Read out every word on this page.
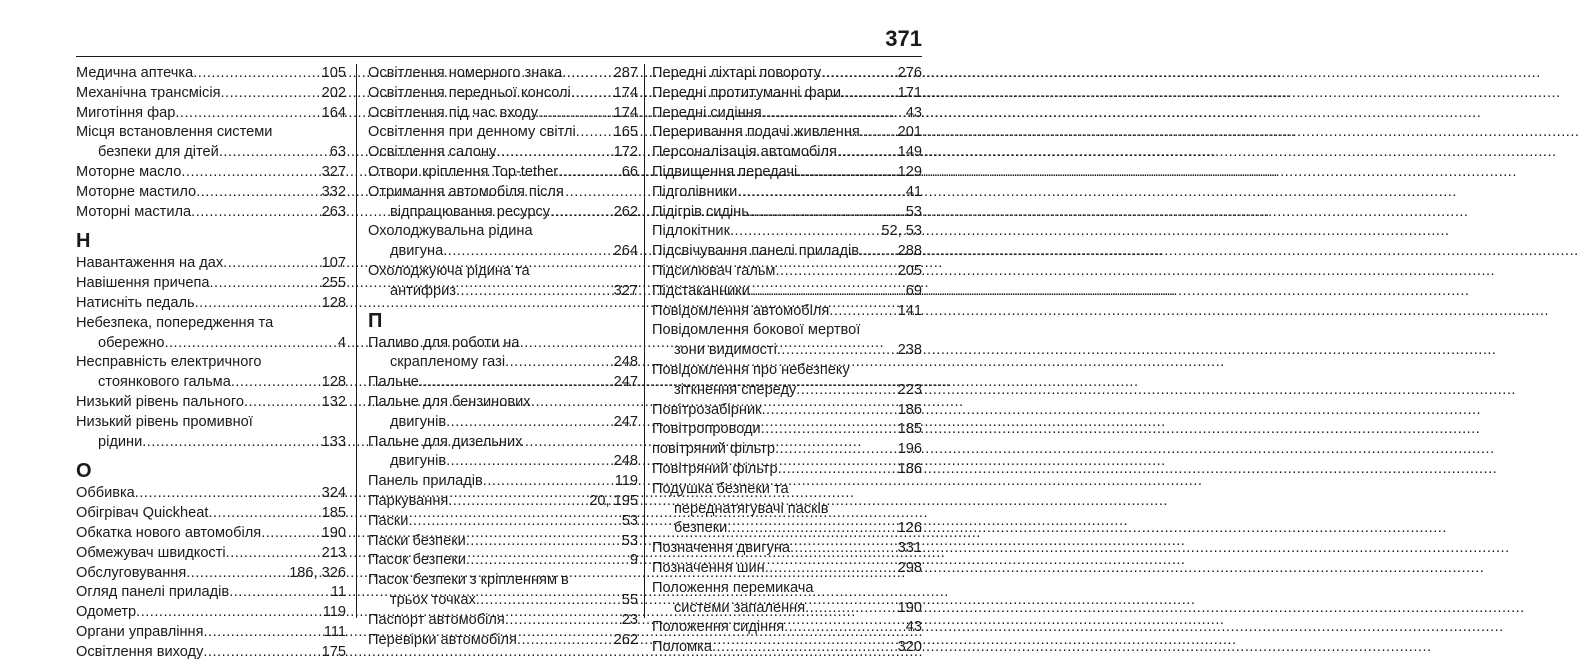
371
Медична аптечка .....	105
Механічна трансмісія .....	202
Миготіння фар .....	164
Місця встановлення системи
безпеки для дітей .....	63
Моторне масло .....	327
Моторне мастило .....	332
Моторні мастила .....	263
Н
Навантаження на дах .....	107
Навішення причепа .....	255
Натисніть педаль .....	128
Небезпека, попередження та
обережно .....	4
Несправність електричного
стоянкового гальма .....	128
Низький рівень пального .....	132
Низький рівень промивної
рідини .....	133
О
Оббивка .....	324
Обігрівач Quickheat .....	185
Обкатка нового автомобіля .....	190
Обмежувач швидкості .....	213
Обслуговування .....	186, 326
Огляд панелі приладів .....	11
Одометр .....	119
Органи управління .....	111
Освітлення виходу .....	175
Освітлення номерного знака .....	287
Освітлення передньої консолі .....	174
Освітлення під час входу .....	174
Освітлення при денному світлі .....	165
Освітлення салону .....	172
Отвори кріплення Top-tether .....	66
Отримання автомобіля після
відпрацювання ресурсу .....	262
Охолоджувальна рідина
двигуна .....	264
Охолоджуюча рідина та
антифриз .....	327
П
Паливо для роботи на
скрапленому газі .....	248
Пальне .....	247
Пальне для бензинових
двигунів .....	247
Пальне для дизельних
двигунів .....	248
Панель приладів .....	119
Паркування .....	20, 195
Паски .....	53
Паски безпеки .....	53
Пасок безпеки .....	9
Пасок безпеки з кріпленням в
трьох точках .....	55
Паспорт автомобіля .....	23
Перевірки автомобіля .....	262
Передні ліхтарі повороту .....	276
Передні протитуманні фари .....	171
Передні сидіння .....	43
Переривання подачі живлення .....	201
Персоналізація автомобіля .....	149
Підвищення передачі .....	129
Підголівники .....	41
Підігрів сидінь .....	53
Підлокітник .....	52, 53
Підсвічування панелі приладів .....	288
Підсилювач гальм .....	205
Підстаканники .....	69
Повідомлення автомобіля .....	141
Повідомлення бокової мертвої
зони видимості .....	238
Повідомлення про небезпеку
зіткнення спереду .....	223
Повітрозабірник .....	186
Повітропроводи .....	185
повітряний фільтр .....	196
Повітряний фільтр .....	186
Подушка безпеки та
переднатягувачі пасків
безпеки .....	126
Позначення двигуна .....	331
Позначення шин .....	298
Положення перемикача
системи запалення .....	190
Положення сидіння .....	43
Поломка .....	320
